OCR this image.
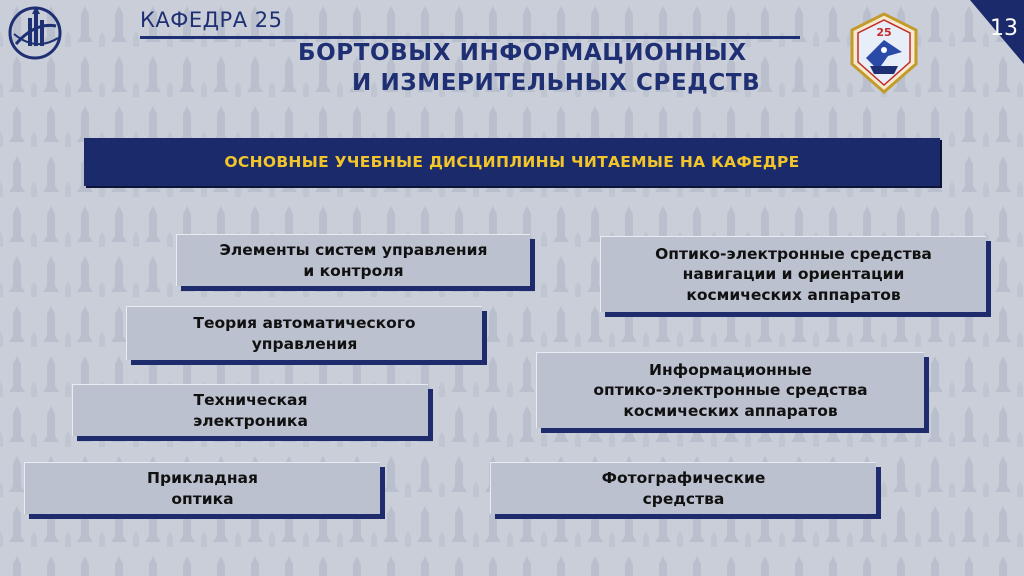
КАФЕДРА 25
БОРТОВЫХ ИНФОРМАЦИОННЫХ
И ИЗМЕРИТЕЛЬНЫХ СРЕДСТВ
25	13
ОСНОВНЫЕ УЧЕБНЫЕ ДИСЦИПЛИНЫ ЧИТАЕМЫЕ НА КАФЕДРЕ
Элементы систем управления
и контроля
Оптико-электронные средства
навигации и ориентации
космических аппаратов
Теория автоматического
управления
Информационные
оптико-электронные средства
космических аппаратов
Техническая
электроника
Прикладная
оптика
Фотографические
средства
